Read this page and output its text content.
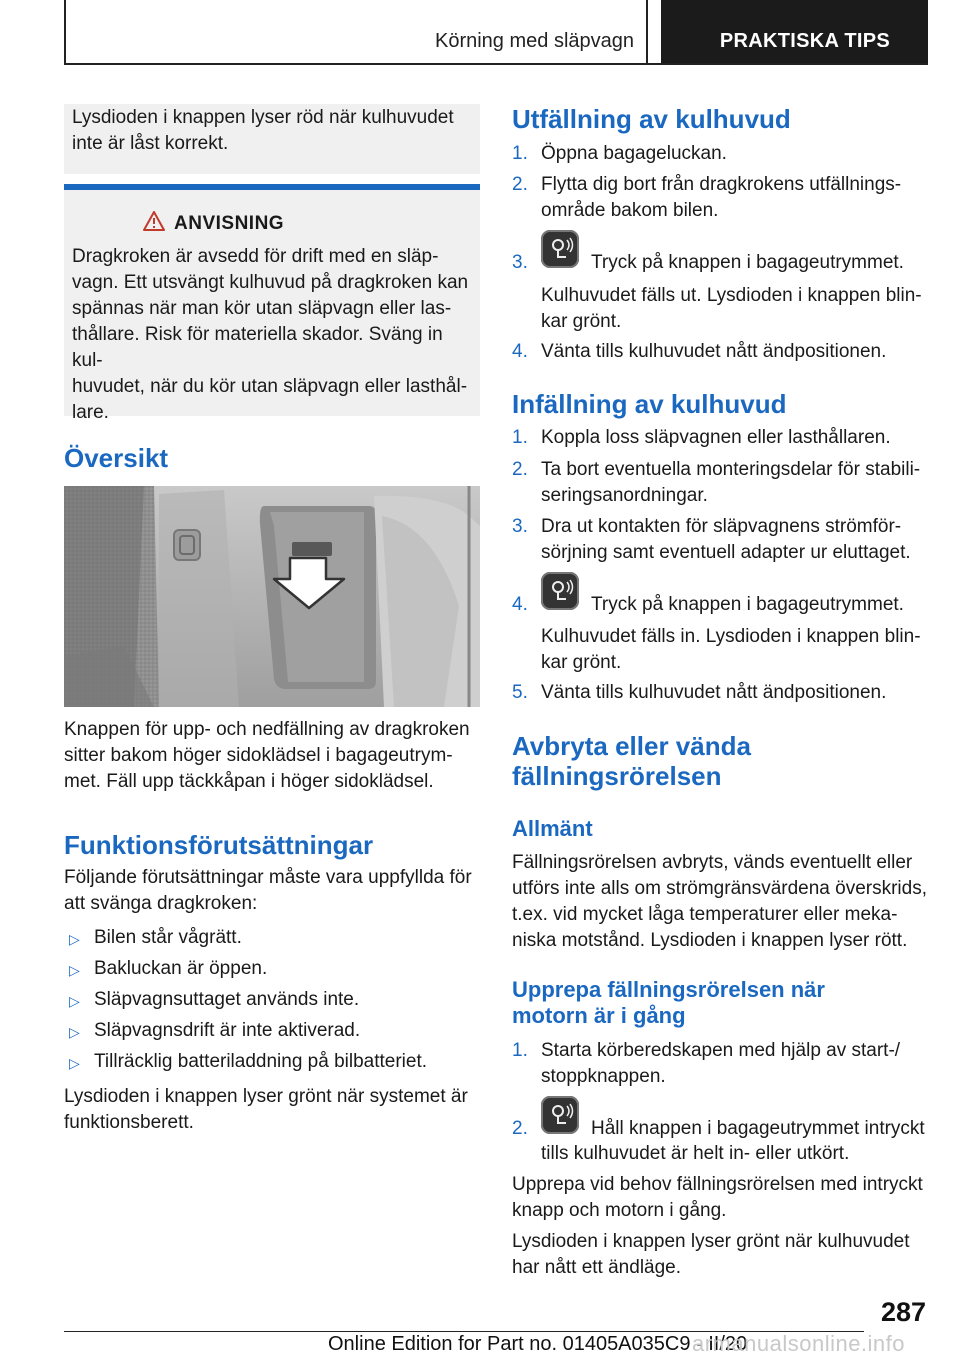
Körning med släpvagn	PRAKTISKA TIPS

Lysdioden i knappen lyser röd när kulhuvudet inte är låst korrekt.

ANVISNING

Dragkroken är avsedd för drift med en släp-

vagn. Ett utsvängt kulhuvud på dragkroken kan

spännas när man kör utan släpvagn eller las-

thållare. Risk för materiella skador. Sväng in kul-

huvudet, när du kör utan släpvagn eller lasthål-

lare.

Översikt

Knappen för upp- och nedfällning av dragkroken

sitter bakom höger sidoklädsel i bagageutrym-

met. Fäll upp täckkåpan i höger sidoklädsel.

Funktionsförutsättningar

Följande förutsättningar måste vara uppfyllda för

att svänga dragkroken:

▷ Bilen står vågrätt.
▷ Bakluckan är öppen.
▷ Släpvagnsuttaget används inte.
▷ Släpvagnsdrift är inte aktiverad.
▷ Tillräcklig batteriladdning på bilbatteriet.

Lysdioden i knappen lyser grönt när systemet är

funktionsberett.

Utfällning av kulhuvud
1. Öppna bagageluckan.
2. Flytta dig bort från dragkrokens utfällnings-

område bakom bilen.

3.	Tryck på knappen i bagageutrymmet.

Kulhuvudet fälls ut. Lysdioden i knappen blin-

kar grönt.

4. Vänta tills kulhuvudet nått ändpositionen.
Infällning av kulhuvud
1. Koppla loss släpvagnen eller lasthållaren.
2. Ta bort eventuella monteringsdelar för stabili-

seringsanordningar.

3. Dra ut kontakten för släpvagnens strömför-

sörjning samt eventuell adapter ur eluttaget.

4.	Tryck på knappen i bagageutrymmet.

Kulhuvudet fälls in. Lysdioden i knappen blin-

kar grönt.

5. Vänta tills kulhuvudet nått ändpositionen.
Avbryta eller vända
fällningsrörelsen
Allmänt

Fällningsrörelsen avbryts, vänds eventuellt eller

utförs inte alls om strömgränsvärdena överskrids,

t.ex. vid mycket låga temperaturer eller meka-

niska motstånd. Lysdioden i knappen lyser rött.

Upprepa fällningsrörelsen när
motorn är i gång
1. Starta körberedskapen med hjälp av start-/

stoppknappen.

2.	Håll knappen i bagageutrymmet intryckt
tills kulhuvudet är helt in- eller utkört.

Upprepa vid behov fällningsrörelsen med intryckt

knapp och motorn i gång.

Lysdioden i knappen lyser grönt när kulhuvudet

har nått ett ändläge.

287
Online Edition for Part no. 01405A035C9 - II/20
armanualsonline.info
